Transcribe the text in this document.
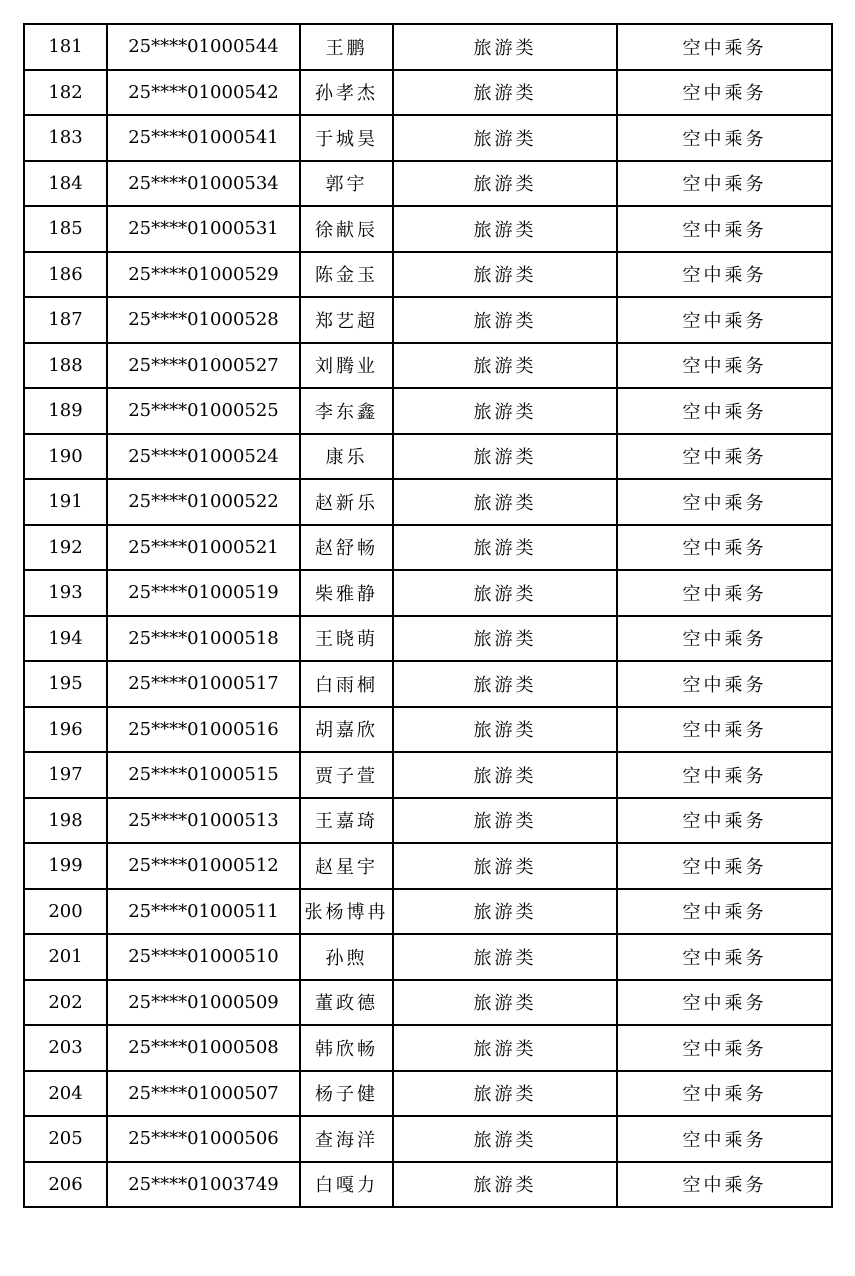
181	25****01000544	王鹏	旅游类	空中乘务
182	25****01000542	孙孝杰	旅游类	空中乘务
183	25****01000541	于城昊	旅游类	空中乘务
184	25****01000534	郭宇	旅游类	空中乘务
185	25****01000531	徐献辰	旅游类	空中乘务
186	25****01000529	陈金玉	旅游类	空中乘务
187	25****01000528	郑艺超	旅游类	空中乘务
188	25****01000527	刘腾业	旅游类	空中乘务
189	25****01000525	李东鑫	旅游类	空中乘务
190	25****01000524	康乐	旅游类	空中乘务
191	25****01000522	赵新乐	旅游类	空中乘务
192	25****01000521	赵舒畅	旅游类	空中乘务
193	25****01000519	柴雅静	旅游类	空中乘务
194	25****01000518	王晓萌	旅游类	空中乘务
195	25****01000517	白雨桐	旅游类	空中乘务
196	25****01000516	胡嘉欣	旅游类	空中乘务
197	25****01000515	贾子萱	旅游类	空中乘务
198	25****01000513	王嘉琦	旅游类	空中乘务
199	25****01000512	赵星宇	旅游类	空中乘务
200	25****01000511	张杨博冉	旅游类	空中乘务
201	25****01000510	孙煦	旅游类	空中乘务
202	25****01000509	董政德	旅游类	空中乘务
203	25****01000508	韩欣畅	旅游类	空中乘务
204	25****01000507	杨子健	旅游类	空中乘务
205	25****01000506	查海洋	旅游类	空中乘务
206	25****01003749	白嘎力	旅游类	空中乘务
